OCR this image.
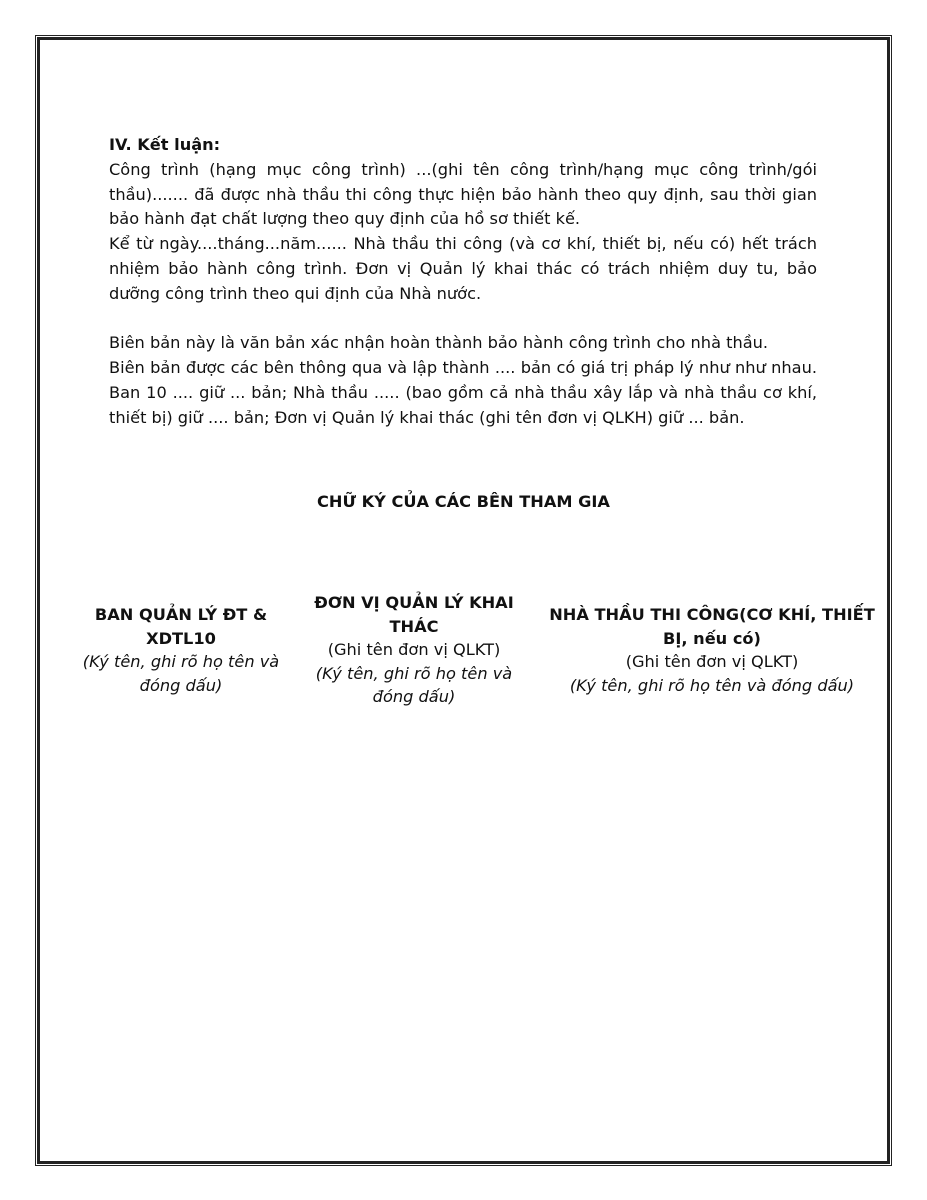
IV. Kết luận:

Công trình (hạng mục công trình) ...(ghi tên công trình/hạng mục công trình/gói thầu)....... đã được nhà thầu thi công thực hiện bảo hành theo quy định, sau thời gian bảo hành đạt chất lượng theo quy định của hồ sơ thiết kế.

Kể từ ngày....tháng...năm...... Nhà thầu thi công (và cơ khí, thiết bị, nếu có) hết trách nhiệm bảo hành công trình. Đơn vị Quản lý khai thác có trách nhiệm duy tu, bảo dưỡng công trình theo qui định của Nhà nước.

Biên bản này là văn bản xác nhận hoàn thành bảo hành công trình cho nhà thầu.

Biên bản được các bên thông qua và lập thành .... bản có giá trị pháp lý như như nhau. Ban 10 .... giữ ... bản; Nhà thầu ..... (bao gồm cả nhà thầu xây lắp và nhà thầu cơ khí, thiết bị) giữ .... bản; Đơn vị Quản lý khai thác (ghi tên đơn vị QLKH) giữ ... bản.

CHỮ KÝ CỦA CÁC BÊN THAM GIA
BAN QUẢN LÝ ĐT & XDTL10
(Ký tên, ghi rõ họ tên và đóng dấu)
ĐƠN VỊ QUẢN LÝ KHAI THÁC
(Ghi tên đơn vị QLKT)
(Ký tên, ghi rõ họ tên và đóng dấu)
NHÀ THẦU THI CÔNG(CƠ KHÍ, THIẾT BỊ, nếu có)
(Ghi tên đơn vị QLKT)
(Ký tên, ghi rõ họ tên và đóng dấu)
